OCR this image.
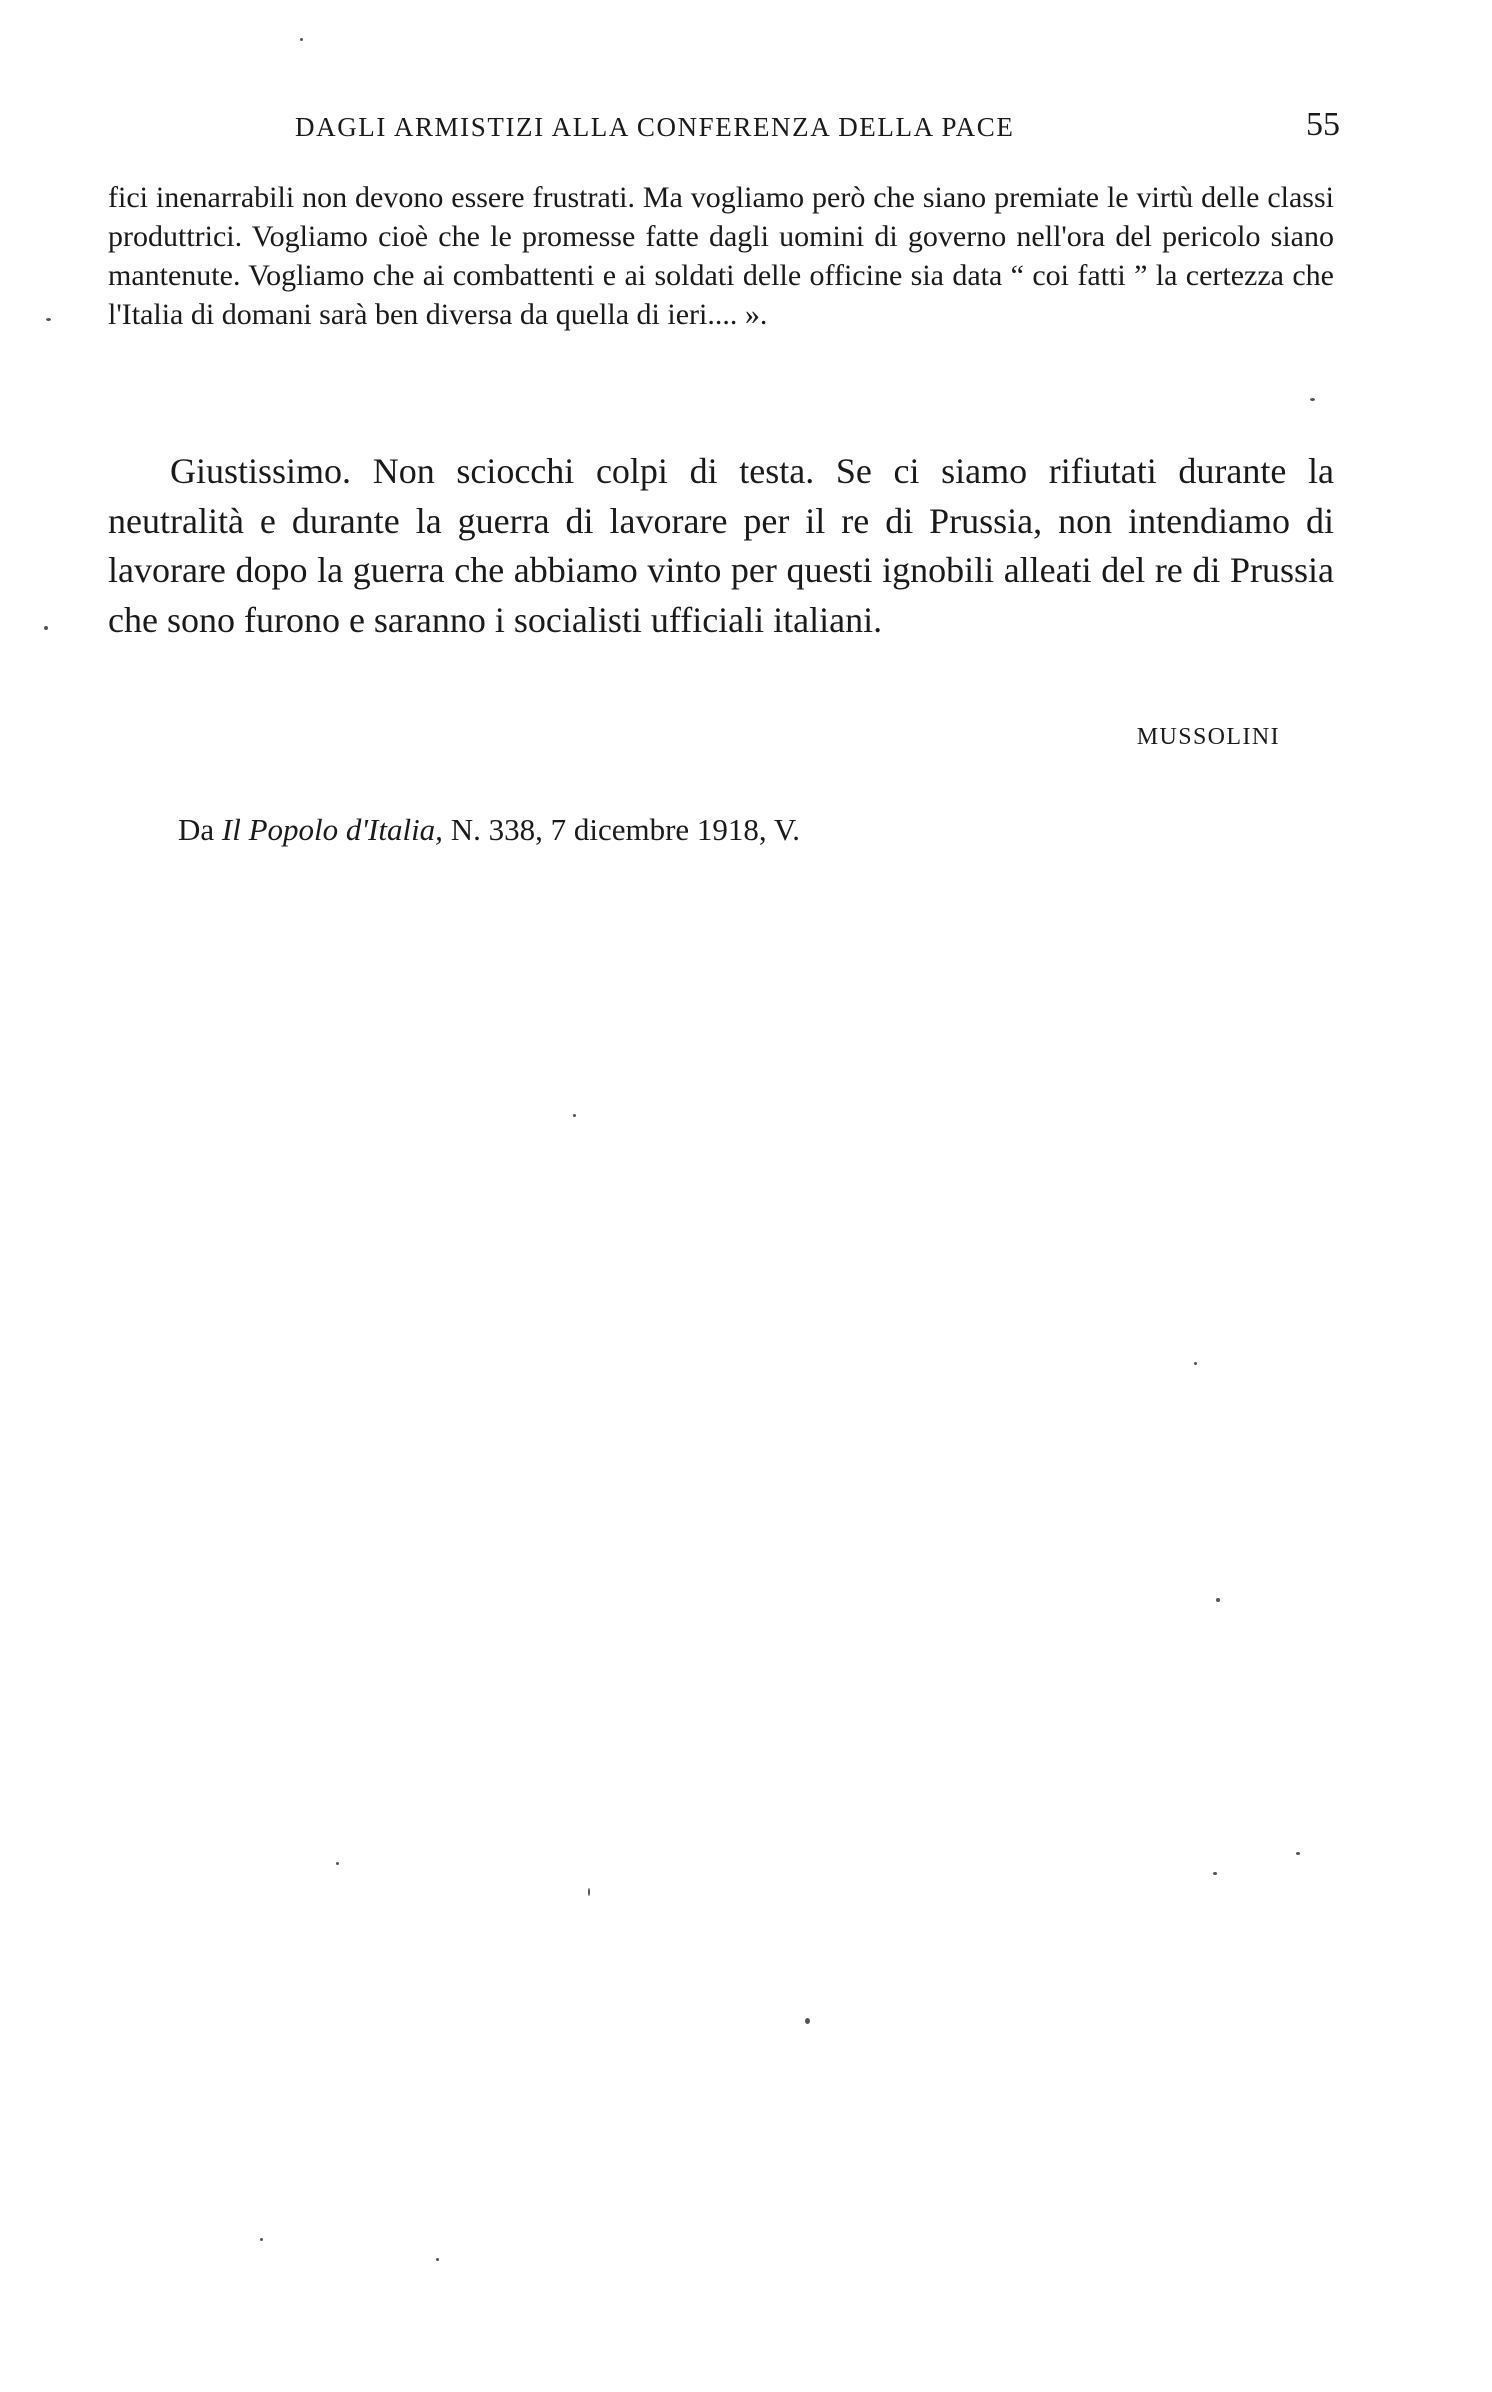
DAGLI ARMISTIZI ALLA CONFERENZA DELLA PACE	55

fici inenarrabili non devono essere frustrati. Ma vogliamo però che siano premiate le virtù delle classi produttrici. Vogliamo cioè che le promesse fatte dagli uomini di governo nell'ora del pericolo siano mantenute. Vogliamo che ai combattenti e ai soldati delle officine sia data “ coi fatti ” la certezza che l'Italia di domani sarà ben diversa da quella di ieri.... ».

Giustissimo. Non sciocchi colpi di testa. Se ci siamo rifiutati durante la neutralità e durante la guerra di lavorare per il re di Prussia, non intendiamo di lavorare dopo la guerra che abbiamo vinto per questi ignobili alleati del re di Prussia che sono furono e saranno i socialisti ufficiali italiani.

MUSSOLINI
Da Il Popolo d'Italia, N. 338, 7 dicembre 1918, V.
